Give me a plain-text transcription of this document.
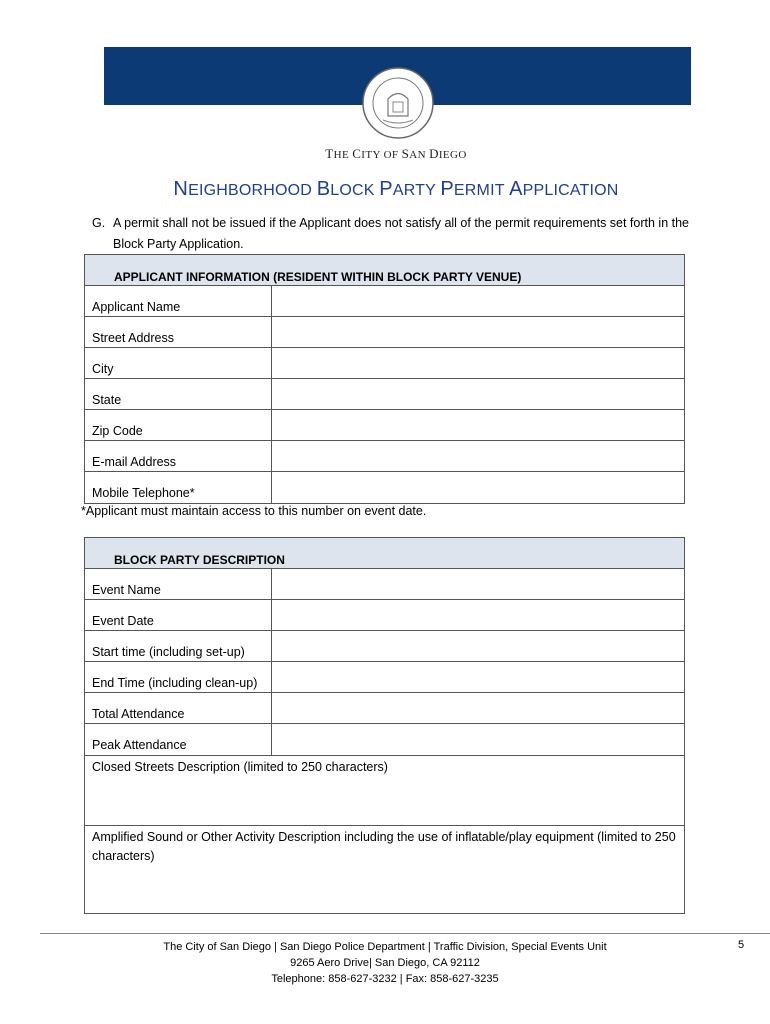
THE CITY OF SAN DIEGO
NEIGHBORHOOD BLOCK PARTY PERMIT APPLICATION
G. A permit shall not be issued if the Applicant does not satisfy all of the permit requirements set forth in the Block Party Application.
APPLICANT INFORMATION (RESIDENT WITHIN BLOCK PARTY VENUE)
Applicant Name
Street Address
City
State
Zip Code
E-mail Address
Mobile Telephone*
*Applicant must maintain access to this number on event date.
BLOCK PARTY DESCRIPTION
Event Name
Event Date
Start time (including set-up)
End Time (including clean-up)
Total Attendance
Peak Attendance
Closed Streets Description (limited to 250 characters)
Amplified Sound or Other Activity Description including the use of inflatable/play equipment (limited to 250 characters)
The City of San Diego | San Diego Police Department | Traffic Division, Special Events Unit
9265 Aero Drive| San Diego, CA 92112
Telephone: 858-627-3232 | Fax: 858-627-3235
5
